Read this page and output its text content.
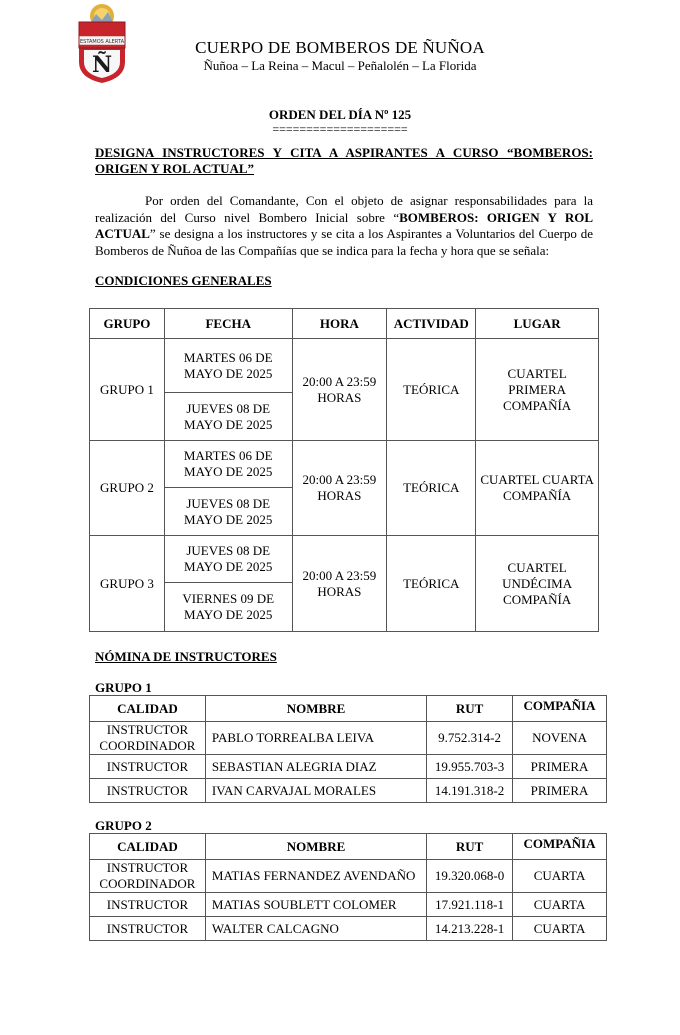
ESTAMOS ALERTA
Ñ
CUERPO DE BOMBEROS DE ÑUÑOA
Ñuñoa – La Reina – Macul – Peñalolén – La Florida
ORDEN DEL DÍA Nº 125
====================
DESIGNA INSTRUCTORES Y CITA A ASPIRANTES A CURSO “BOMBEROS: ORIGEN Y ROL ACTUAL”
Por orden del Comandante, Con el objeto de asignar responsabilidades para la realización del Curso nivel Bombero Inicial sobre “BOMBEROS: ORIGEN Y ROL ACTUAL” se designa a los instructores y se cita a los Aspirantes a Voluntarios del Cuerpo de Bomberos de Ñuñoa de las Compañías que se indica para la fecha y hora que se señala:
CONDICIONES GENERALES
GRUPO	FECHA	HORA	ACTIVIDAD	LUGAR
GRUPO 1	MARTES 06 DE MAYO DE 2025	20:00 A 23:59 HORAS	TEÓRICA	CUARTEL PRIMERA COMPAÑÍA
	JUEVES 08 DE MAYO DE 2025			
GRUPO 2	MARTES 06 DE MAYO DE 2025	20:00 A 23:59 HORAS	TEÓRICA	CUARTEL CUARTA COMPAÑÍA
	JUEVES 08 DE MAYO DE 2025			
GRUPO 3	JUEVES 08 DE MAYO DE 2025	20:00 A 23:59 HORAS	TEÓRICA	CUARTEL UNDÉCIMA COMPAÑÍA
	VIERNES 09 DE MAYO DE 2025			
NÓMINA DE INSTRUCTORES
GRUPO 1
CALIDAD	NOMBRE	RUT	COMPAÑIA
INSTRUCTOR COORDINADOR	PABLO TORREALBA LEIVA	9.752.314-2	NOVENA
INSTRUCTOR	SEBASTIAN ALEGRIA DIAZ	19.955.703-3	PRIMERA
INSTRUCTOR	IVAN CARVAJAL MORALES	14.191.318-2	PRIMERA
GRUPO 2
CALIDAD	NOMBRE	RUT	COMPAÑIA
INSTRUCTOR COORDINADOR	MATIAS FERNANDEZ AVENDAÑO	19.320.068-0	CUARTA
INSTRUCTOR	MATIAS SOUBLETT COLOMER	17.921.118-1	CUARTA
INSTRUCTOR	WALTER CALCAGNO	14.213.228-1	CUARTA
